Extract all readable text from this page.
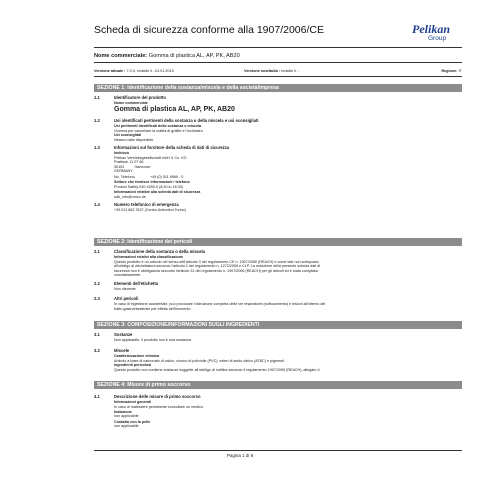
Scheda di sicurezza conforme alla 1907/2006/CE	Pelikan
Group
Nome commerciale: Gomma di plastica AL, AP, PK, AB20
Versione attuale : 7.0.0, redatto il : 24.01.2019	Versione sostituita : redatto il : -	Regione: IT
SEZIONE 1: Identificazione della sostanza/miscela e della società/impresa
1.1	Identificatore del prodotto
Nome commerciale
Gomma di plastica AL, AP, PK, AB20
1.2	Usi identificati pertinenti della sostanza o della miscela e usi sconsigliati
Usi pertinenti identificati della sostanza o miscela
Gomma per cancellare la matita di grafite e l'inchiostro
Usi sconsigliati
Nessun dato disponibile.
1.3	Informazioni sul fornitore della scheda di dati di sicurezza
Indirizzo
Pelikan Vertriebsgesellschaft mbH & Co. KG
Postfach 11 07 66
30102          Hannover
GERMANY
No. Telefono               +49 (0) 511 6969 - 0
Settore che fornisce informazioni / telefono
Product Safety 030-4393-0 (8:30 to 16:30)
Informazioni relative alla scheda dati di sicurezza
sdb_info@umco.de
1.4	Numero telefonico di emergenza
+39 011 663 7637 (Centro Antiveleni Torino)
SEZIONE 2: Identificazione dei pericoli
2.1	Classificazione della sostanza o della miscela
Informazioni relativi alla classificazione
Questo prodotto è un articolo nel senso dell'articolo 3 del regolamento CE n. 1907/2006 (REACH) e come tale non sottoposto
all'obbligo di etichettatura secondo l'articolo 1 del regolamento n. 1272/2008 e CLP. La redazione della presente scheda dati di
sicurezza non è obbligatoria secondo l'articolo 31 del regolamento n. 1907/2006 (REACH) per gli articoli ed è stata compilata
volontariamente.
2.2	Elementi dell'etichetta
Non rilevante
2.3	Altri pericoli
In caso di ingestione accidentale, può provocare l'ostruzione completa delle vie respiratorie (soffocamento) e lesioni all'interno del
tratto gastrointestinale per effetto dell'inumento.
SEZIONE 3: COMPOSIZIONE/INFORMAZIONI SUGLI INGREDIENTI
3.1	Sostanze
Non applicabile. Il prodotto non è una sostanza
3.2	Miscele
Caratterizzazione chimica
Articolo a base di carbonato di calcio, cloruro di polivinile (PVC), esteri di acido citrico (ATBC) e pigmenti
Ingredienti pericolosi
Questo prodotto non contiene sostanze soggette all'obbligo di notifica secondo il regolamento 1907/2006 (REACH), allegato II.
SEZIONE 4: Misure di primo soccorso
4.1	Descrizione delle misure di primo soccorso
Informazioni generali
In caso di malessere persistente consultare un medico.
Inalazione
non applicabile
Contatto con la pelle
non applicabile
Pagina 1 di 8
